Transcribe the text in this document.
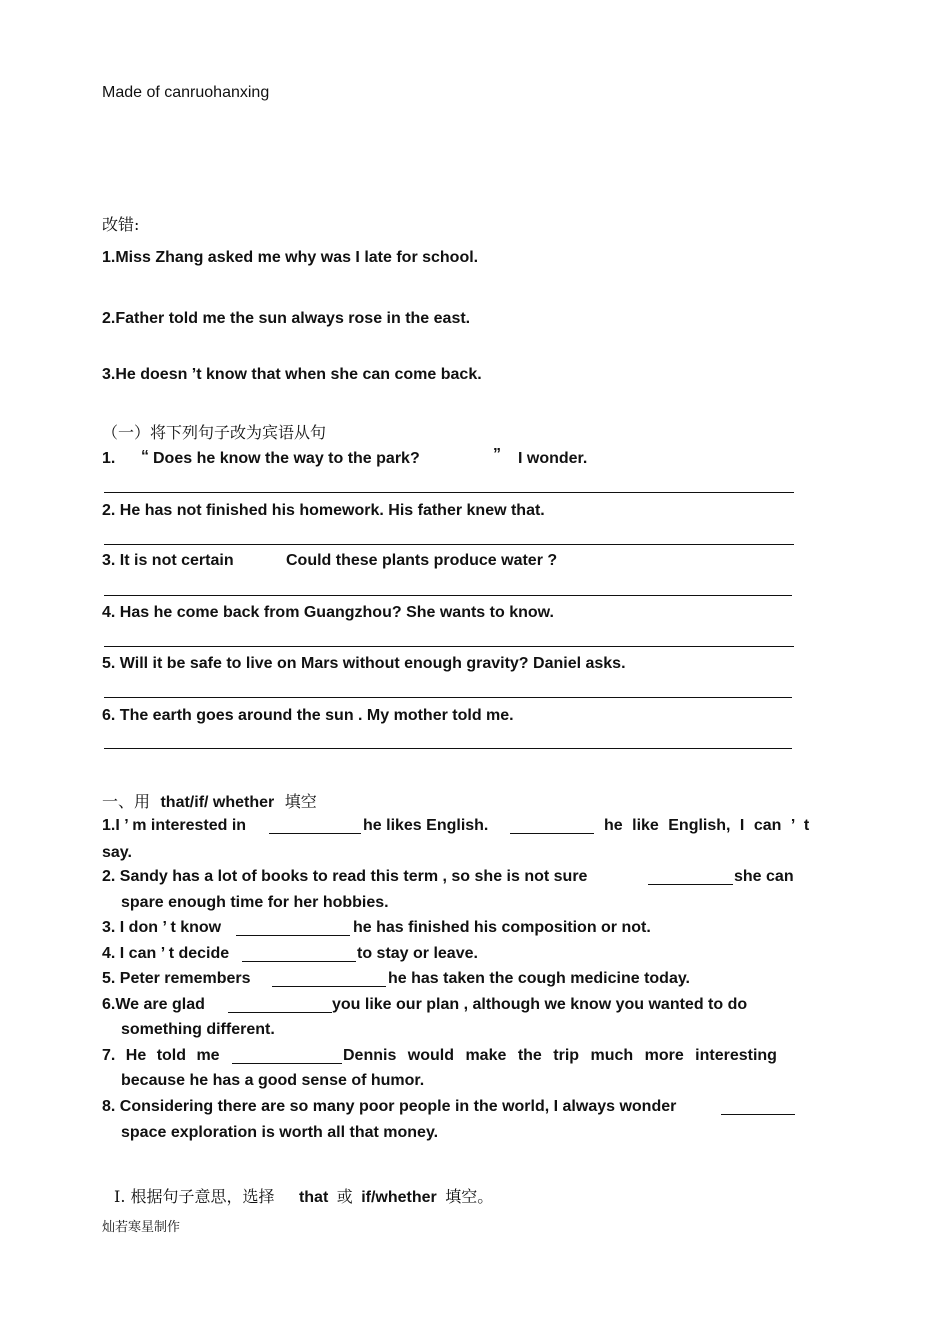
Made of canruohanxing
改错:
1.Miss Zhang asked me why was I late for school.
2.Father told me the sun always rose in the east.
3.He doesn ’t know that when she can come back.
（一）将下列句子改为宾语从句
1. “ Does he know the way to the park?	” I wonder.
2. He has not finished his homework. His father knew that.
3. It is not certain	Could these plants produce water ?
4. Has he come back from Guangzhou? She wants to know.
5. Will it be safe to live on Mars without enough gravity? Daniel asks.
6. The earth goes around the sun . My mother told me.
一、用 that/if/ whether 填空
1.I ’ m interested in	he likes English.	he like English, I can ’ t
say.
2. Sandy has a lot of books to read this term , so she is not sure	she can
spare enough time for her hobbies.
3. I don ’ t know	he has finished his composition or not.
4. I can ’ t decide	to stay or leave.
5. Peter remembers	he has taken the cough medicine today.
6.We are glad	you like our plan , although we know you wanted to do
something different.
7. He told me	Dennis would make the trip much more interesting
because he has a good sense of humor.
8. Considering there are so many poor people in the world, I always wonder
space exploration is worth all that money.
Ⅰ. 根据句子意思，选择 that 或 if/whether 填空。
灿若寒星制作
